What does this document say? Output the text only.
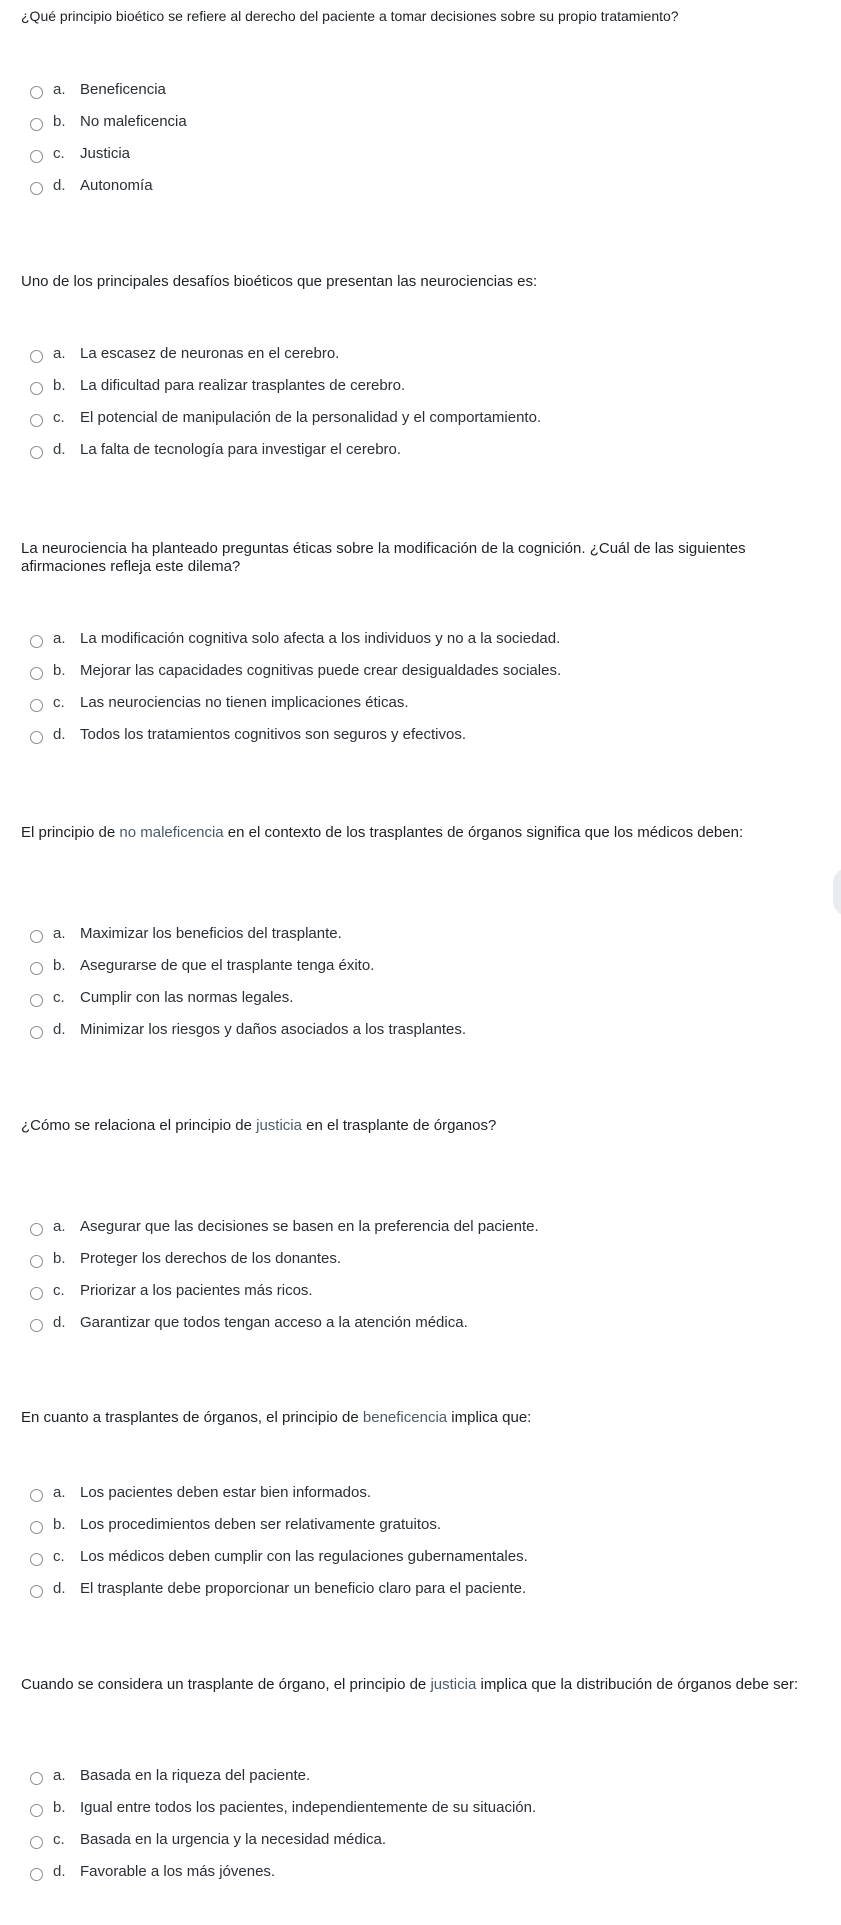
¿Qué principio bioético se refiere al derecho del paciente a tomar decisiones sobre su propio tratamiento?

a. Beneficencia
b. No maleficencia
c.	Justicia
d. Autonomía

Uno de los principales desafíos bioéticos que presentan las neurociencias es:

a. La escasez de neuronas en el cerebro.
b. La dificultad para realizar trasplantes de cerebro.
c.	El potencial de manipulación de la personalidad y el comportamiento.
d. La falta de tecnología para investigar el cerebro.

La neurociencia ha planteado preguntas éticas sobre la modificación de la cognición. ¿Cuál de las siguientes afirmaciones refleja este dilema?

a. La modificación cognitiva solo afecta a los individuos y no a la sociedad.
b. Mejorar las capacidades cognitivas puede crear desigualdades sociales.
c.	Las neurociencias no tienen implicaciones éticas.
d. Todos los tratamientos cognitivos son seguros y efectivos.

El principio de no maleficencia en el contexto de los trasplantes de órganos significa que los médicos deben:

a. Maximizar los beneficios del trasplante.
b. Asegurarse de que el trasplante tenga éxito.
c.	Cumplir con las normas legales.
d. Minimizar los riesgos y daños asociados a los trasplantes.

¿Cómo se relaciona el principio de justicia en el trasplante de órganos?

a. Asegurar que las decisiones se basen en la preferencia del paciente.
b. Proteger los derechos de los donantes.
c.	Priorizar a los pacientes más ricos.
d. Garantizar que todos tengan acceso a la atención médica.

En cuanto a trasplantes de órganos, el principio de beneficencia implica que:

a. Los pacientes deben estar bien informados.
b. Los procedimientos deben ser relativamente gratuitos.
c.	Los médicos deben cumplir con las regulaciones gubernamentales.
d. El trasplante debe proporcionar un beneficio claro para el paciente.

Cuando se considera un trasplante de órgano, el principio de justicia implica que la distribución de órganos debe ser:

a. Basada en la riqueza del paciente.
b. Igual entre todos los pacientes, independientemente de su situación.
c.	Basada en la urgencia y la necesidad médica.
d. Favorable a los más jóvenes.
